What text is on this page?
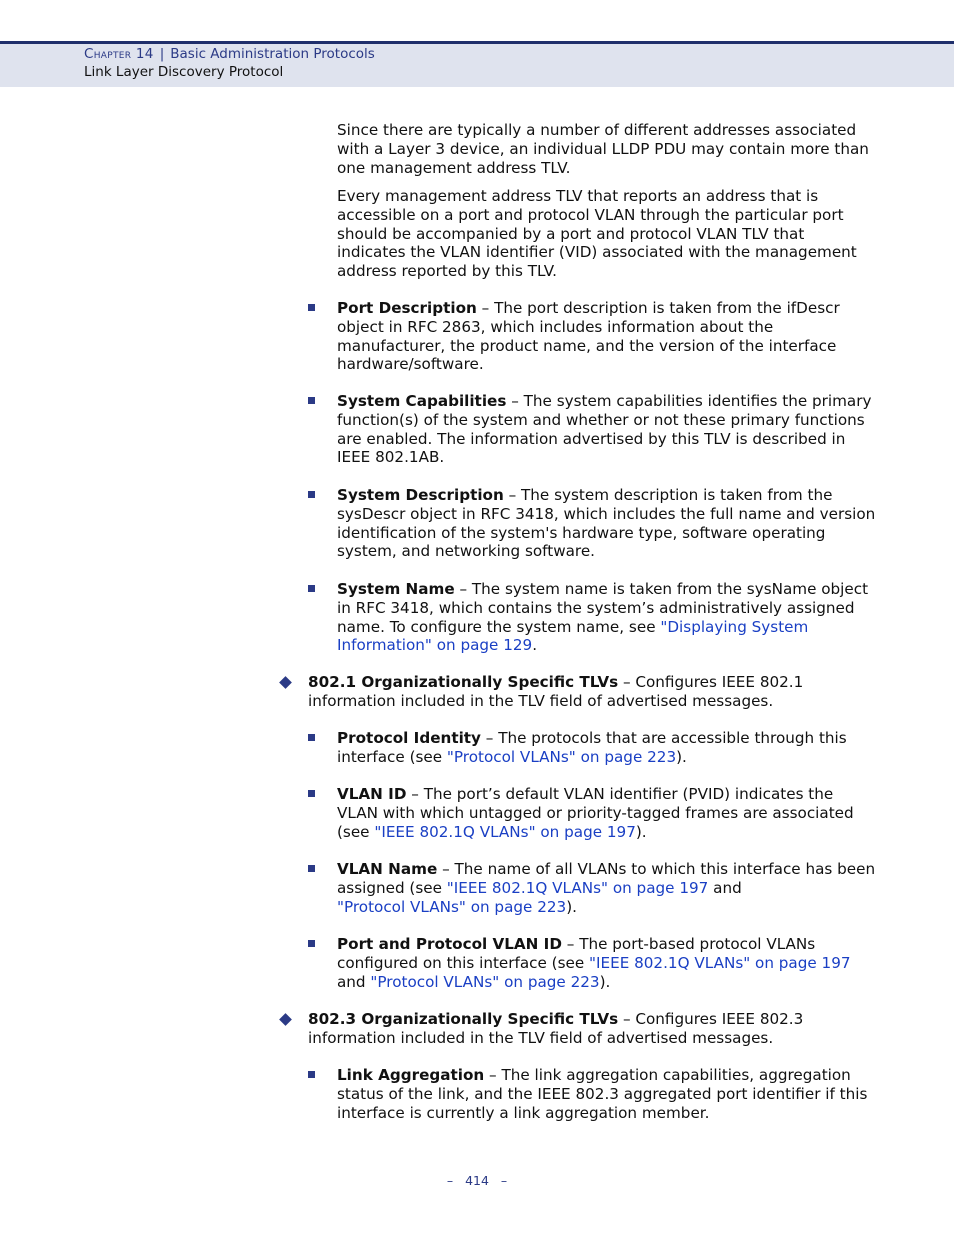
Chapter 14 | Basic Administration Protocols
Link Layer Discovery Protocol
Since there are typically a number of different addresses associated with a Layer 3 device, an individual LLDP PDU may contain more than one management address TLV.
Every management address TLV that reports an address that is accessible on a port and protocol VLAN through the particular port should be accompanied by a port and protocol VLAN TLV that indicates the VLAN identifier (VID) associated with the management address reported by this TLV.
Port Description – The port description is taken from the ifDescr object in RFC 2863, which includes information about the manufacturer, the product name, and the version of the interface hardware/software.
System Capabilities – The system capabilities identifies the primary function(s) of the system and whether or not these primary functions are enabled. The information advertised by this TLV is described in IEEE 802.1AB.
System Description – The system description is taken from the sysDescr object in RFC 3418, which includes the full name and version identification of the system's hardware type, software operating system, and networking software.
System Name – The system name is taken from the sysName object in RFC 3418, which contains the system’s administratively assigned name. To configure the system name, see "Displaying System Information" on page 129.
802.1 Organizationally Specific TLVs – Configures IEEE 802.1 information included in the TLV field of advertised messages.
Protocol Identity – The protocols that are accessible through this interface (see "Protocol VLANs" on page 223).
VLAN ID – The port’s default VLAN identifier (PVID) indicates the VLAN with which untagged or priority-tagged frames are associated (see "IEEE 802.1Q VLANs" on page 197).
VLAN Name – The name of all VLANs to which this interface has been assigned (see "IEEE 802.1Q VLANs" on page 197 and
"Protocol VLANs" on page 223).
Port and Protocol VLAN ID – The port-based protocol VLANs configured on this interface (see "IEEE 802.1Q VLANs" on page 197
and "Protocol VLANs" on page 223).
802.3 Organizationally Specific TLVs – Configures IEEE 802.3 information included in the TLV field of advertised messages.
Link Aggregation – The link aggregation capabilities, aggregation status of the link, and the IEEE 802.3 aggregated port identifier if this interface is currently a link aggregation member.
– 414 –
